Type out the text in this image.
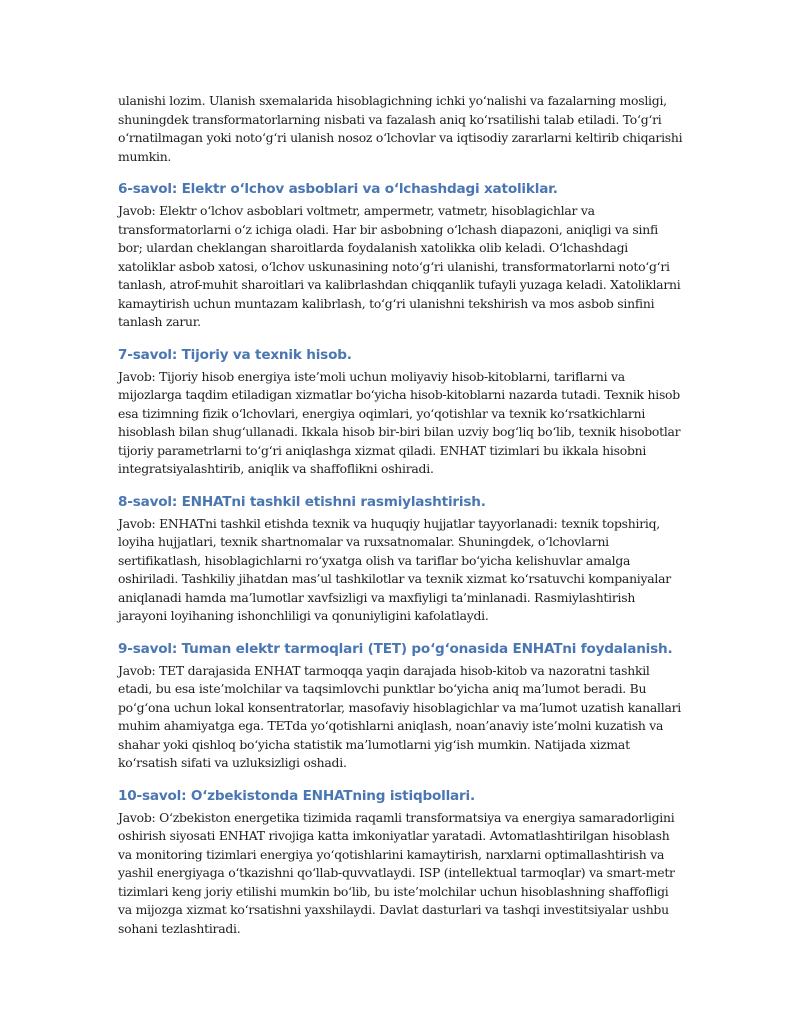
ulanishi lozim. Ulanish sxemalarida hisoblagichning ichki yo‘nalishi va fazalarning mosligi, shuningdek transformatorlarning nisbati va fazalash aniq ko‘rsatilishi talab etiladi. To‘g‘ri o‘rnatilmagan yoki noto‘g‘ri ulanish nosoz o‘lchovlar va iqtisodiy zararlarni keltirib chiqarishi mumkin.

6-savol: Elektr o‘lchov asboblari va o‘lchashdagi xatoliklar.

Javob: Elektr o‘lchov asboblari voltmetr, ampermetr, vatmetr, hisoblagichlar va transformatorlarni o‘z ichiga oladi. Har bir asbobning o‘lchash diapazoni, aniqligi va sinfi bor; ulardan cheklangan sharoitlarda foydalanish xatolikka olib keladi. O‘lchashdagi xatoliklar asbob xatosi, o‘lchov uskunasining noto‘g‘ri ulanishi, transformatorlarni noto‘g‘ri tanlash, atrof-muhit sharoitlari va kalibrlashdan chiqqanlik tufayli yuzaga keladi. Xatoliklarni kamaytirish uchun muntazam kalibrlash, to‘g‘ri ulanishni tekshirish va mos asbob sinfini tanlash zarur.

7-savol: Tijoriy va texnik hisob.

Javob: Tijoriy hisob energiya iste’moli uchun moliyaviy hisob-kitoblarni, tariflarni va mijozlarga taqdim etiladigan xizmatlar bo‘yicha hisob-kitoblarni nazarda tutadi. Texnik hisob esa tizimning fizik o‘lchovlari, energiya oqimlari, yo‘qotishlar va texnik ko‘rsatkichlarni hisoblash bilan shug‘ullanadi. Ikkala hisob bir-biri bilan uzviy bog‘liq bo‘lib, texnik hisobotlar tijoriy parametrlarni to‘g‘ri aniqlashga xizmat qiladi. ENHAT tizimlari bu ikkala hisobni integratsiyalashtirib, aniqlik va shaffoflikni oshiradi.

8-savol: ENHATni tashkil etishni rasmiylashtirish.

Javob: ENHATni tashkil etishda texnik va huquqiy hujjatlar tayyorlanadi: texnik topshiriq, loyiha hujjatlari, texnik shartnomalar va ruxsatnomalar. Shuningdek, o‘lchovlarni sertifikatlash, hisoblagichlarni ro‘yxatga olish va tariflar bo‘yicha kelishuvlar amalga oshiriladi. Tashkiliy jihatdan mas’ul tashkilotlar va texnik xizmat ko‘rsatuvchi kompaniyalar aniqlanadi hamda ma’lumotlar xavfsizligi va maxfiyligi ta’minlanadi. Rasmiylashtirish jarayoni loyihaning ishonchliligi va qonuniyligini kafolatlaydi.

9-savol: Tuman elektr tarmoqlari (TET) po‘g‘onasida ENHATni foydalanish.

Javob: TET darajasida ENHAT tarmoqqa yaqin darajada hisob-kitob va nazoratni tashkil etadi, bu esa iste’molchilar va taqsimlovchi punktlar bo‘yicha aniq ma’lumot beradi. Bu po‘g‘ona uchun lokal konsentratorlar, masofaviy hisoblagichlar va ma’lumot uzatish kanallari muhim ahamiyatga ega. TETda yo‘qotishlarni aniqlash, noan’anaviy iste’molni kuzatish va shahar yoki qishloq bo‘yicha statistik ma’lumotlarni yig‘ish mumkin. Natijada xizmat ko‘rsatish sifati va uzluksizligi oshadi.

10-savol: O‘zbekistonda ENHATning istiqbollari.

Javob: O‘zbekiston energetika tizimida raqamli transformatsiya va energiya samaradorligini oshirish siyosati ENHAT rivojiga katta imkoniyatlar yaratadi. Avtomatlashtirilgan hisoblash va monitoring tizimlari energiya yo‘qotishlarini kamaytirish, narxlarni optimallashtirish va yashil energiyaga o‘tkazishni qo‘llab-quvvatlaydi. ISP (intellektual tarmoqlar) va smart-metr tizimlari keng joriy etilishi mumkin bo‘lib, bu iste’molchilar uchun hisoblashning shaffofligi va mijozga xizmat ko‘rsatishni yaxshilaydi. Davlat dasturlari va tashqi investitsiyalar ushbu sohani tezlashtiradi.
